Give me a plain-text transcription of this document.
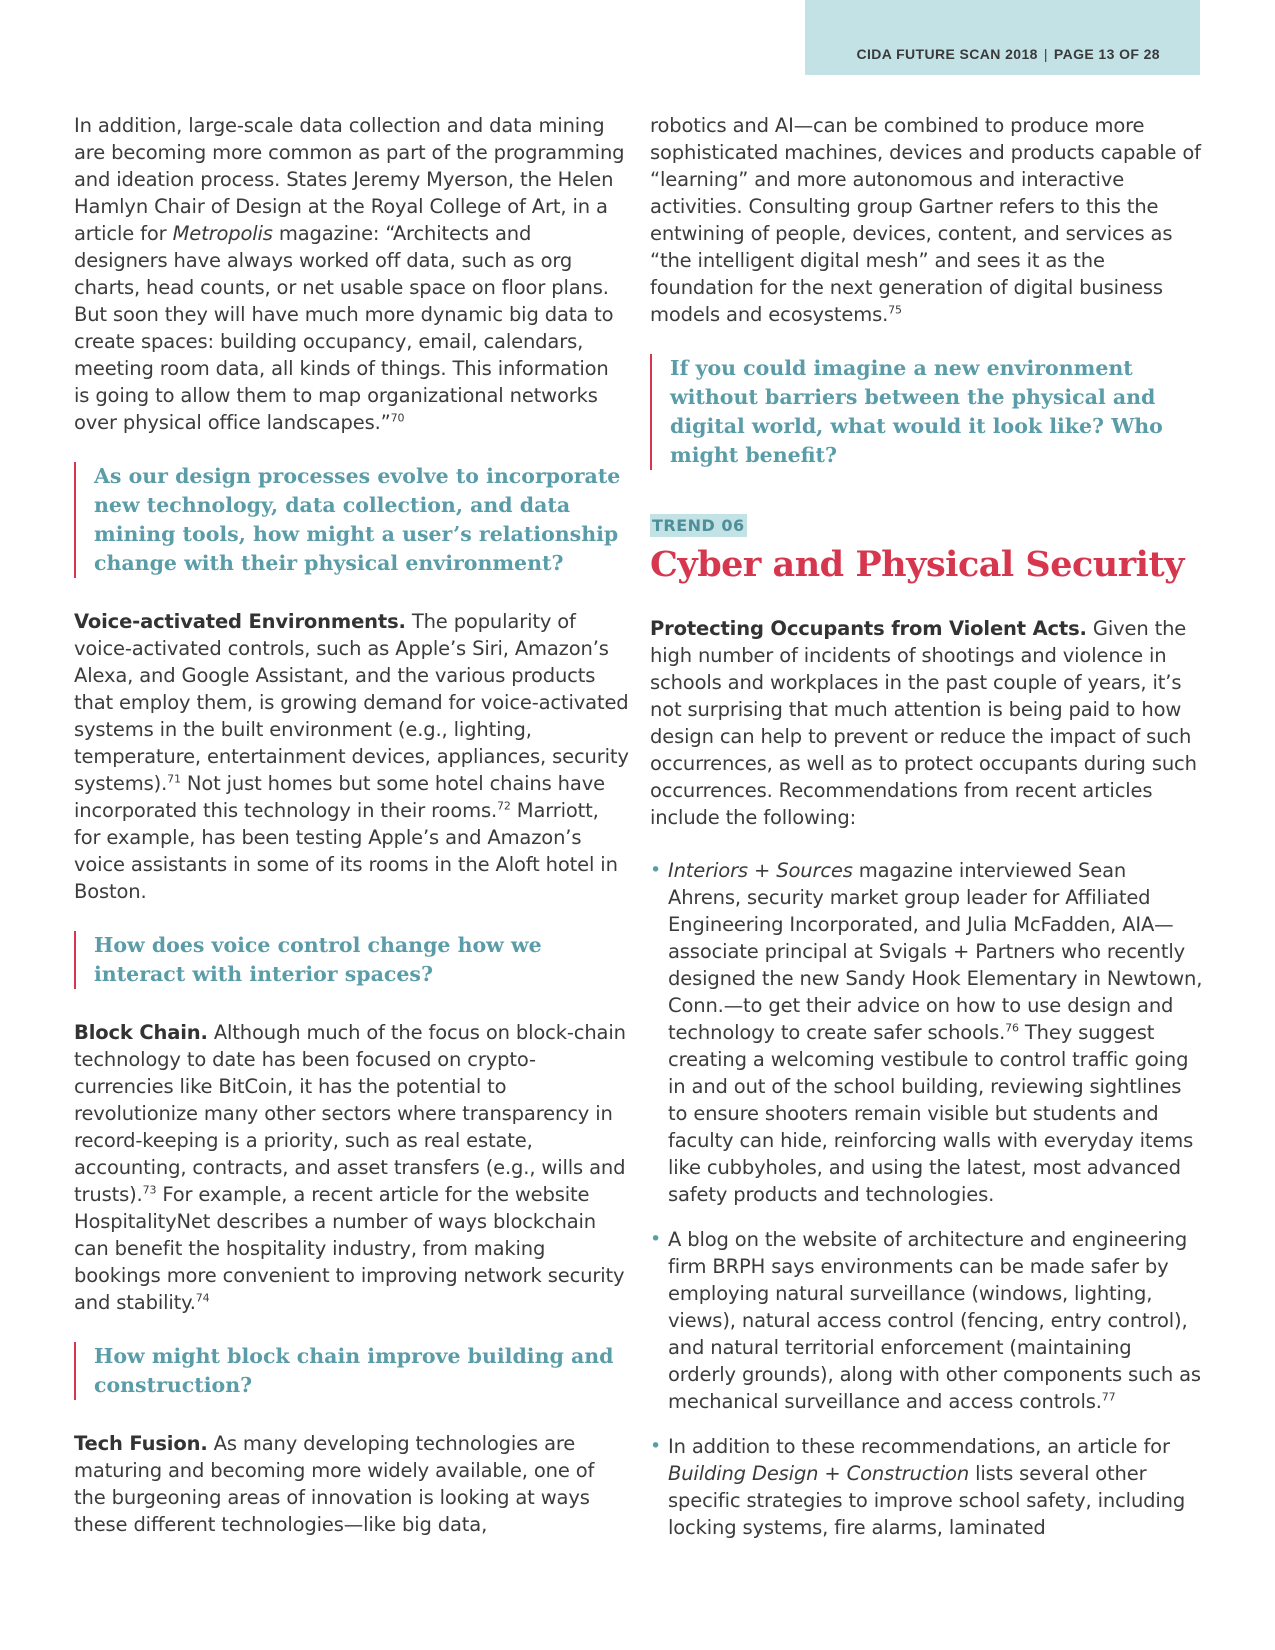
CIDA FUTURE SCAN 2018 | PAGE 13 OF 28

In addition, large-scale data collection and data mining are becoming more common as part of the programming and ideation process. States Jeremy Myerson, the Helen Hamlyn Chair of Design at the Royal College of Art, in a article for Metropolis magazine: “Architects and designers have always worked off data, such as org charts, head counts, or net usable space on floor plans. But soon they will have much more dynamic big data to create spaces: building occupancy, email, calendars, meeting room data, all kinds of things. This information is going to allow them to map organizational networks over physical office landscapes.”$^{70}$

As our design processes evolve to incorporate new technology, data collection, and data mining tools, how might a user’s relationship change with their physical environment?

Voice-activated Environments. The popularity of voice-activated controls, such as Apple’s Siri, Amazon’s Alexa, and Google Assistant, and the various products that employ them, is growing demand for voice-activated systems in the built environment (e.g., lighting, temperature, entertainment devices, appliances, security systems).$^{71}$ Not just homes but some hotel chains have incorporated this technology in their rooms.$^{72}$ Marriott, for example, has been testing Apple’s and Amazon’s voice assistants in some of its rooms in the Aloft hotel in Boston.

How does voice control change how we interact with interior spaces?

Block Chain. Although much of the focus on block-chain technology to date has been focused on crypto-currencies like BitCoin, it has the potential to revolutionize many other sectors where transparency in record-keeping is a priority, such as real estate, accounting, contracts, and asset transfers (e.g., wills and trusts).$^{73}$ For example, a recent article for the website HospitalityNet describes a number of ways blockchain can benefit the hospitality industry, from making bookings more convenient to improving network security and stability.$^{74}$

How might block chain improve building and construction?

Tech Fusion. As many developing technologies are maturing and becoming more widely available, one of the burgeoning areas of innovation is looking at ways these different technologies—like big data,

robotics and AI—can be combined to produce more sophisticated machines, devices and products capable of “learning” and more autonomous and interactive activities. Consulting group Gartner refers to this the entwining of people, devices, content, and services as “the intelligent digital mesh” and sees it as the foundation for the next generation of digital business models and ecosystems.$^{75}$

If you could imagine a new environment without barriers between the physical and digital world, what would it look like? Who might benefit?
TREND 06
Cyber and Physical Security

Protecting Occupants from Violent Acts. Given the high number of incidents of shootings and violence in schools and workplaces in the past couple of years, it’s not surprising that much attention is being paid to how design can help to prevent or reduce the impact of such occurrences, as well as to protect occupants during such occurrences. Recommendations from recent articles include the following:

• Interiors + Sources magazine interviewed Sean Ahrens, security market group leader for Affiliated Engineering Incorporated, and Julia McFadden, AIA—associate principal at Svigals + Partners who recently designed the new Sandy Hook Elementary in Newtown, Conn.—to get their advice on how to use design and technology to create safer schools.$^{76}$ They suggest creating a welcoming vestibule to control traffic going in and out of the school building, reviewing sightlines to ensure shooters remain visible but students and faculty can hide, reinforcing walls with everyday items like cubbyholes, and using the latest, most advanced safety products and technologies.
• A blog on the website of architecture and engineering firm BRPH says environments can be made safer by employing natural surveillance (windows, lighting, views), natural access control (fencing, entry control), and natural territorial enforcement (maintaining orderly grounds), along with other components such as mechanical surveillance and access controls.$^{77}$
• In addition to these recommendations, an article for Building Design + Construction lists several other specific strategies to improve school safety, including locking systems, fire alarms, laminated
